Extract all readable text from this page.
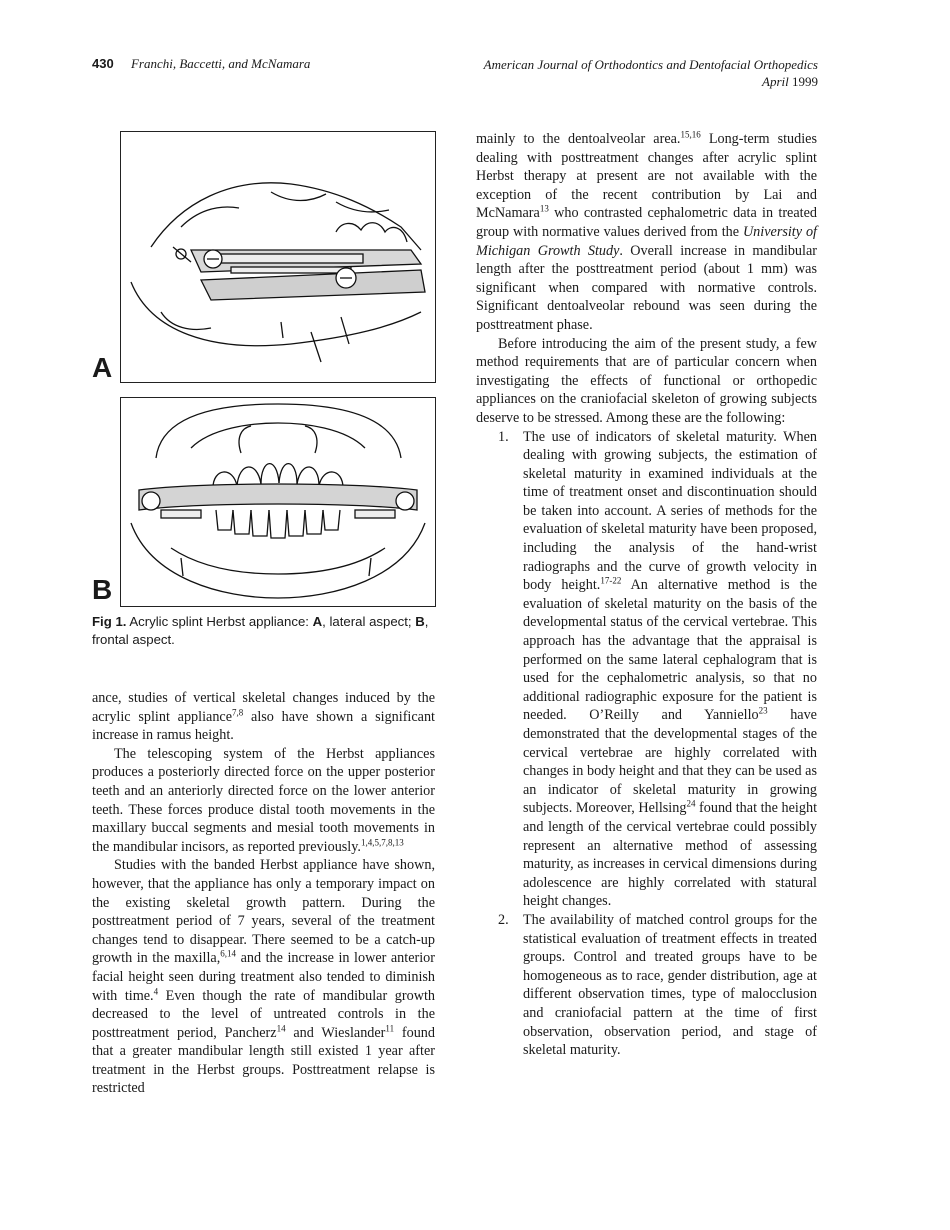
430 Franchi, Baccetti, and McNamara	American Journal of Orthodontics and Dentofacial Orthopedics
April 1999
A
B
Fig 1. Acrylic splint Herbst appliance: A, lateral aspect; B, frontal aspect.

ance, studies of vertical skeletal changes induced by the acrylic splint appliance$^{7,8}$ also have shown a significant increase in ramus height.

The telescoping system of the Herbst appliances produces a posteriorly directed force on the upper posterior teeth and an anteriorly directed force on the lower anterior teeth. These forces produce distal tooth movements in the maxillary buccal segments and mesial tooth movements in the mandibular incisors, as reported previously.$^{1,4,5,7,8,13}$

Studies with the banded Herbst appliance have shown, however, that the appliance has only a temporary impact on the existing skeletal growth pattern. During the posttreatment period of 7 years, several of the treatment changes tend to disappear. There seemed to be a catch-up growth in the maxilla,$^{6,14}$ and the increase in lower anterior facial height seen during treatment also tended to diminish with time.$^4$ Even though the rate of mandibular growth decreased to the level of untreated controls in the posttreatment period, Pancherz$^{14}$ and Wieslander$^{11}$ found that a greater mandibular length still existed 1 year after treatment in the Herbst groups. Posttreatment relapse is restricted

mainly to the dentoalveolar area.$^{15,16}$ Long-term studies dealing with posttreatment changes after acrylic splint Herbst therapy at present are not available with the exception of the recent contribution by Lai and McNamara$^{13}$ who contrasted cephalometric data in treated group with normative values derived from the University of Michigan Growth Study. Overall increase in mandibular length after the posttreatment period (about 1 mm) was significant when compared with normative controls. Significant dentoalveolar rebound was seen during the posttreatment phase.

Before introducing the aim of the present study, a few method requirements that are of particular concern when investigating the effects of functional or orthopedic appliances on the craniofacial skeleton of growing subjects deserve to be stressed. Among these are the following:

1. The use of indicators of skeletal maturity. When dealing with growing subjects, the estimation of skeletal maturity in examined individuals at the time of treatment onset and discontinuation should be taken into account. A series of methods for the evaluation of skeletal maturity have been proposed, including the analysis of the hand-wrist radiographs and the curve of growth velocity in body height.$^{17-22}$ An alternative method is the evaluation of skeletal maturity on the basis of the developmental status of the cervical vertebrae. This approach has the advantage that the appraisal is performed on the same lateral cephalogram that is used for the cephalometric analysis, so that no additional radiographic exposure for the patient is needed. O’Reilly and Yanniello$^{23}$ have demonstrated that the developmental stages of the cervical vertebrae are highly correlated with changes in body height and that they can be used as an indicator of skeletal maturity in growing subjects. Moreover, Hellsing$^{24}$ found that the height and length of the cervical vertebrae could possibly represent an alternative method of assessing maturity, as increases in cervical dimensions during adolescence are highly correlated with statural height changes.
2. The availability of matched control groups for the statistical evaluation of treatment effects in treated groups. Control and treated groups have to be homogeneous as to race, gender distribution, age at different observation times, type of malocclusion and craniofacial pattern at the time of first observation, observation period, and stage of skeletal maturity.
